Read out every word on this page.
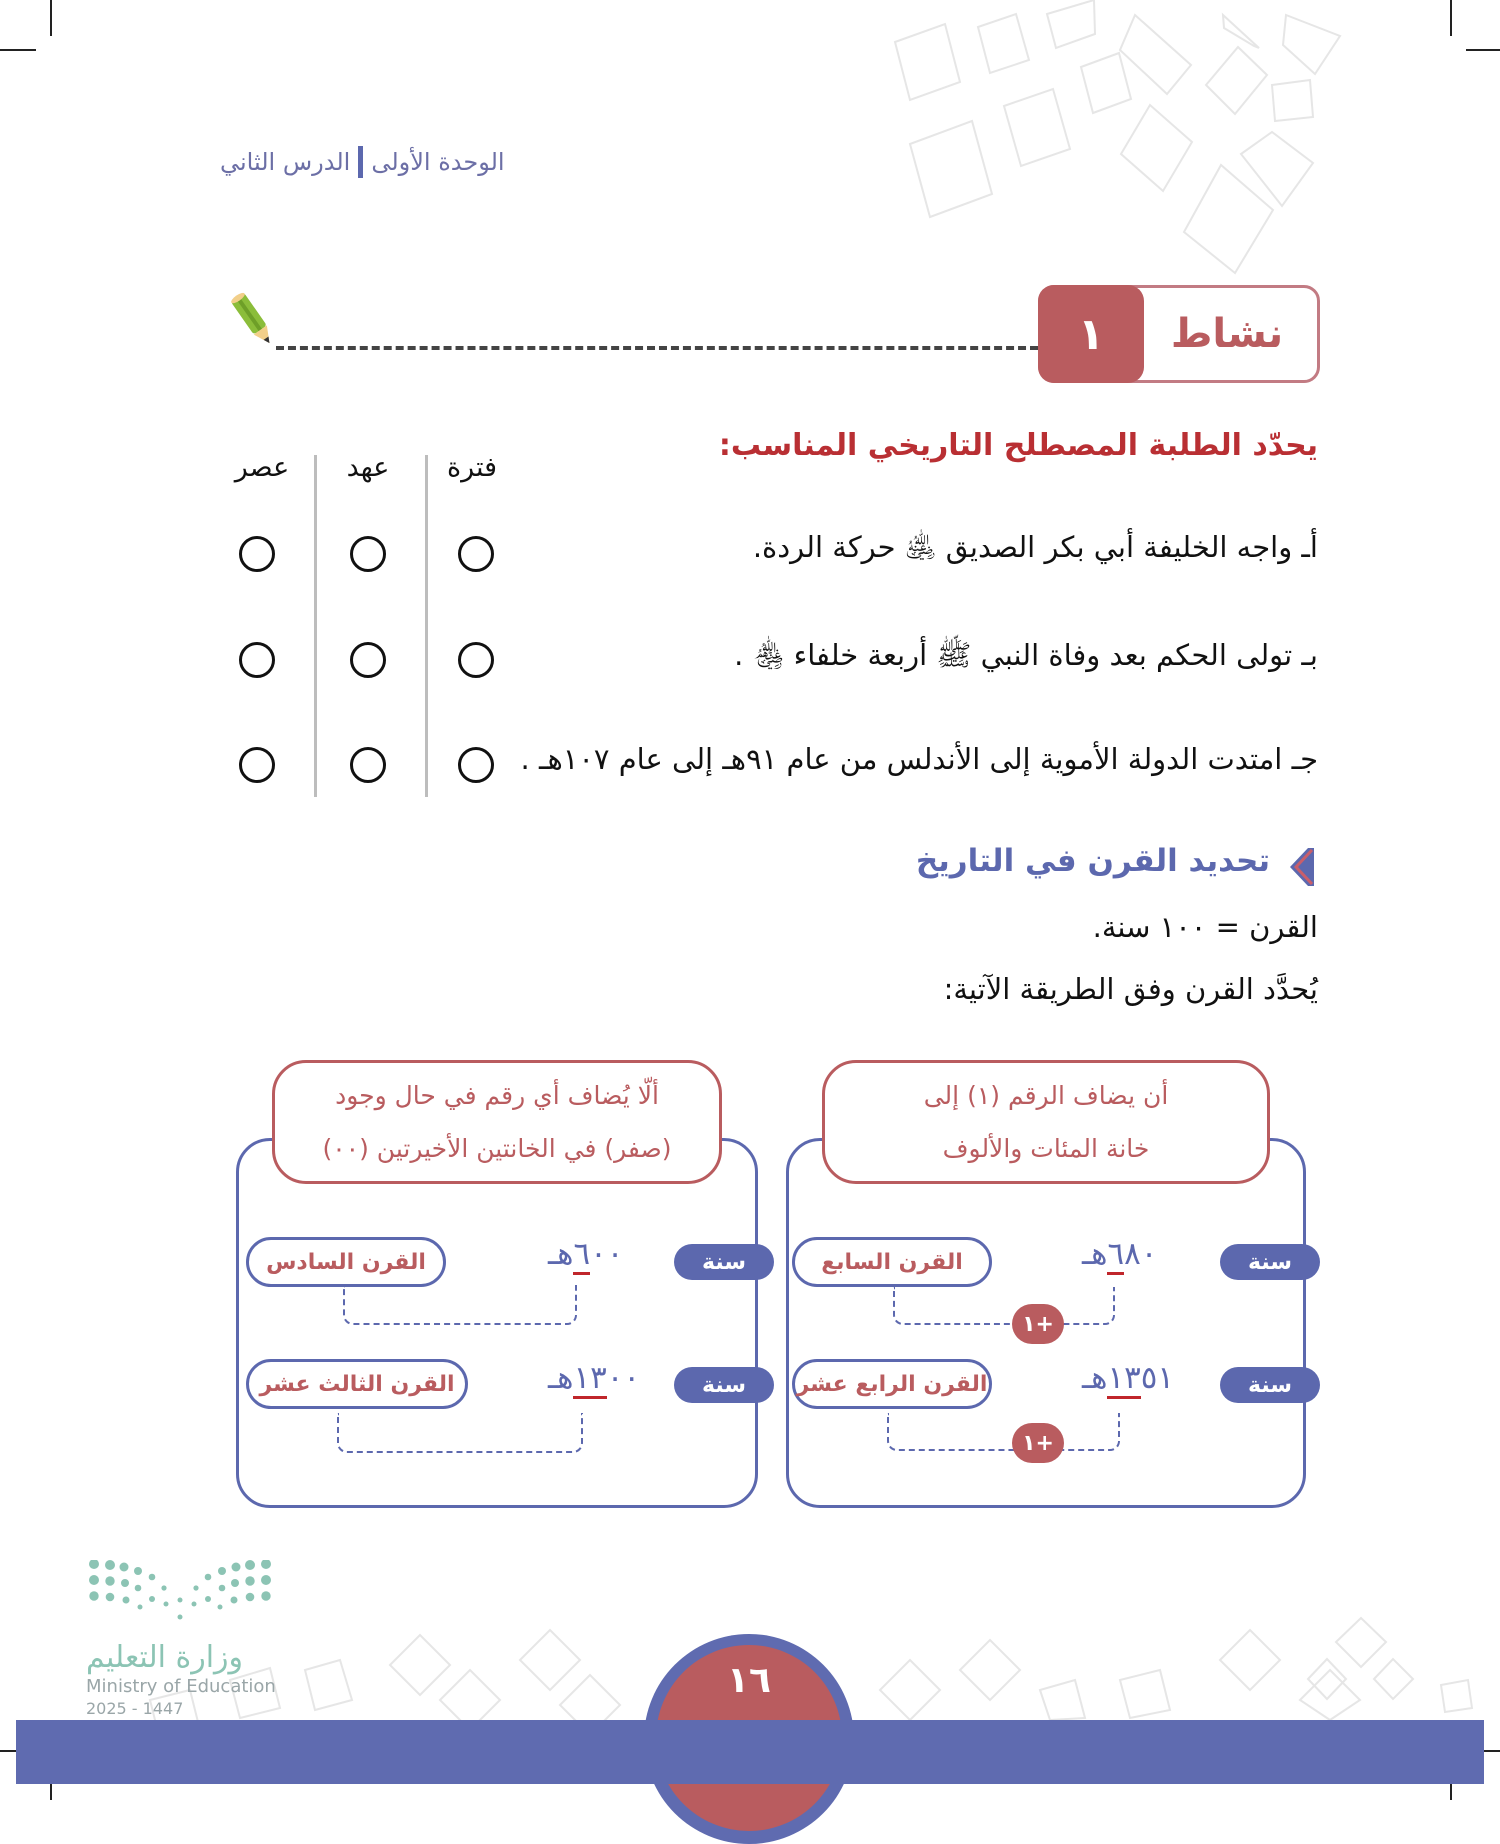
الوحدة الأولى
الدرس الثاني
نشاط
١
يحدّد الطلبة المصطلح التاريخي المناسب:
فترة
عهد
عصر
أـ واجه الخليفة أبي بكر الصديق ﵁ حركة الردة.
بـ تولى الحكم بعد وفاة النبي ﷺ أربعة خلفاء ﵃ .
جـ امتدت الدولة الأموية إلى الأندلس من عام ٩١هـ إلى عام ١٠٧هـ .
تحديد القرن في التاريخ
القرن = ١٠٠ سنة.
يُحدَّد القرن وفق الطريقة الآتية:
أن يضاف الرقم (١) إلى
خانة المئات والألوف
سنة
٦٨٠هـ
القرن السابع
+١
سنة
١٣٥١هـ
القرن الرابع عشر
+١
ألّا يُضاف أي رقم في حال وجود
(صفر) في الخانتين الأخيرتين (٠٠)
سنة
٦٠٠هـ
القرن السادس
سنة
١٣٠٠هـ
القرن الثالث عشر
وزارة التعليم
Ministry of Education
2025 - 1447
١٦
